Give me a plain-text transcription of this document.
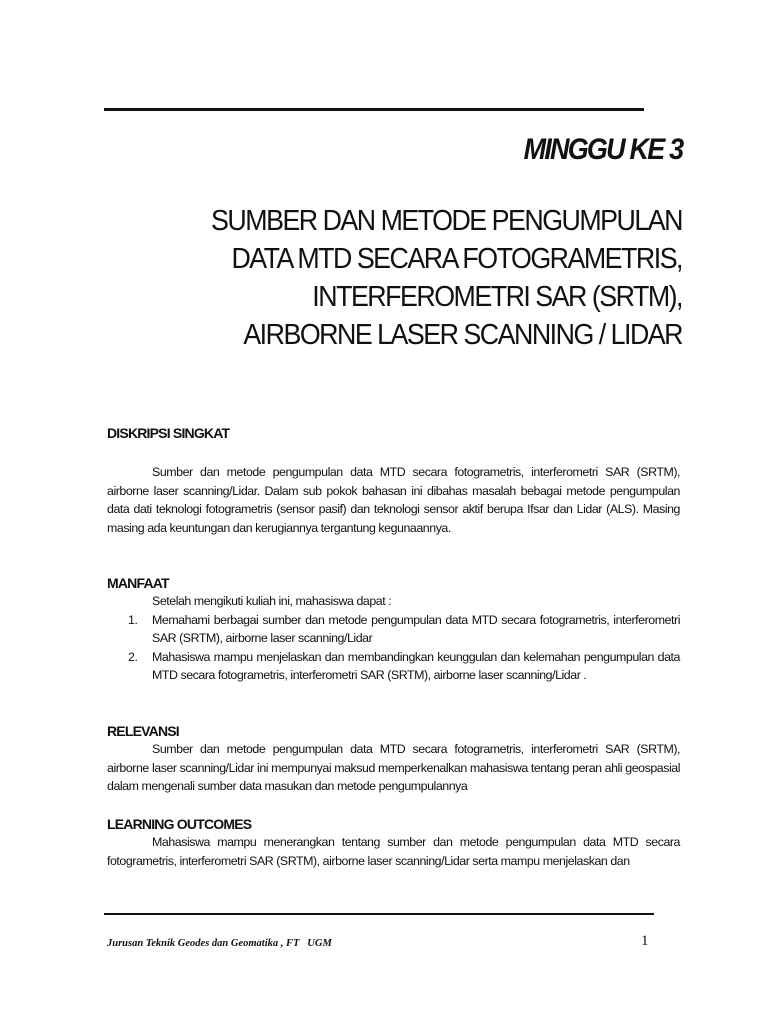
MINGGU KE 3
SUMBER DAN METODE PENGUMPULAN
DATA MTD SECARA FOTOGRAMETRIS,
INTERFEROMETRI SAR (SRTM),
AIRBORNE LASER SCANNING / LIDAR
DISKRIPSI SINGKAT

Sumber dan metode pengumpulan data MTD secara fotogrametris, interferometri SAR (SRTM), airborne laser scanning/Lidar. Dalam sub pokok bahasan ini dibahas masalah bebagai metode pengumpulan data dati teknologi fotogrametris (sensor pasif) dan teknologi sensor aktif berupa Ifsar dan Lidar (ALS). Masing masing ada keuntungan dan kerugiannya tergantung kegunaannya.

MANFAAT

Setelah mengikuti kuliah ini, mahasiswa dapat :

1. Memahami berbagai sumber dan metode pengumpulan data MTD secara fotogrametris, interferometri SAR (SRTM), airborne laser scanning/Lidar
2. Mahasiswa mampu menjelaskan dan membandingkan keunggulan dan kelemahan pengumpulan data MTD secara fotogrametris, interferometri SAR (SRTM), airborne laser scanning/Lidar .
RELEVANSI

Sumber dan metode pengumpulan data MTD secara fotogrametris, interferometri SAR (SRTM), airborne laser scanning/Lidar ini mempunyai maksud memperkenalkan mahasiswa tentang peran ahli geospasial dalam mengenali sumber data masukan dan metode pengumpulannya

LEARNING OUTCOMES

Mahasiswa mampu menerangkan tentang sumber dan metode pengumpulan data MTD secara fotogrametris, interferometri SAR (SRTM), airborne laser scanning/Lidar serta mampu menjelaskan dan

Jurusan Teknik Geodes dan Geomatika , FT   UGM	1
